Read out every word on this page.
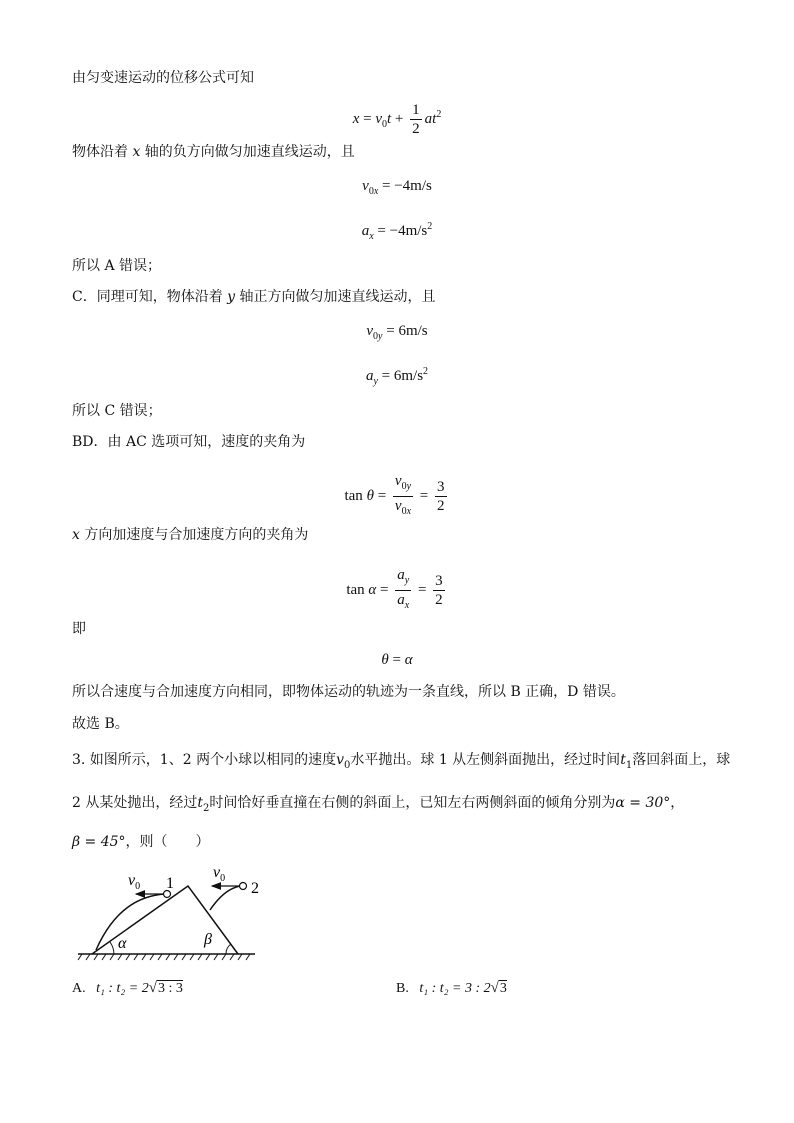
由匀变速运动的位移公式可知
$x = v_0t + \frac{1}{2} at^2$
物体沿着 x 轴的负方向做匀加速直线运动，且
$v_{0x} = -4m/s$
$a_x = -4m/s^2$
所以 A 错误；
C．同理可知，物体沿着 y 轴正方向做匀加速直线运动，且
$v_{0y} = 6m/s$
$a_y = 6m/s^2$
所以 C 错误；
BD．由 AC 选项可知，速度的夹角为
$\tan \theta = \frac{v_{0y}}{v_{0x}} = \frac{3}{2}$
x 方向加速度与合加速度方向的夹角为
$\tan \alpha = \frac{a_y}{a_x} = \frac{3}{2}$
即
θ = α
所以合速度与合加速度方向相同，即物体运动的轨迹为一条直线，所以 B 正确，D 错误。
故选 B。
3. 如图所示，1、2 两个小球以相同的速度$v_0$水平抛出。球 1 从左侧斜面抛出，经过时间$t_1$落回斜面上，球
2 从某处抛出，经过$t_2$时间恰好垂直撞在右侧的斜面上，已知左右两侧斜面的倾角分别为α = 30°，
β = 45°，则（　　）
$v_0$ 1
$v_0$
2
α	β
A. t₁ : t₂ = 2√3 : 3	B. t₁ : t₂ = 3 : 2√3
